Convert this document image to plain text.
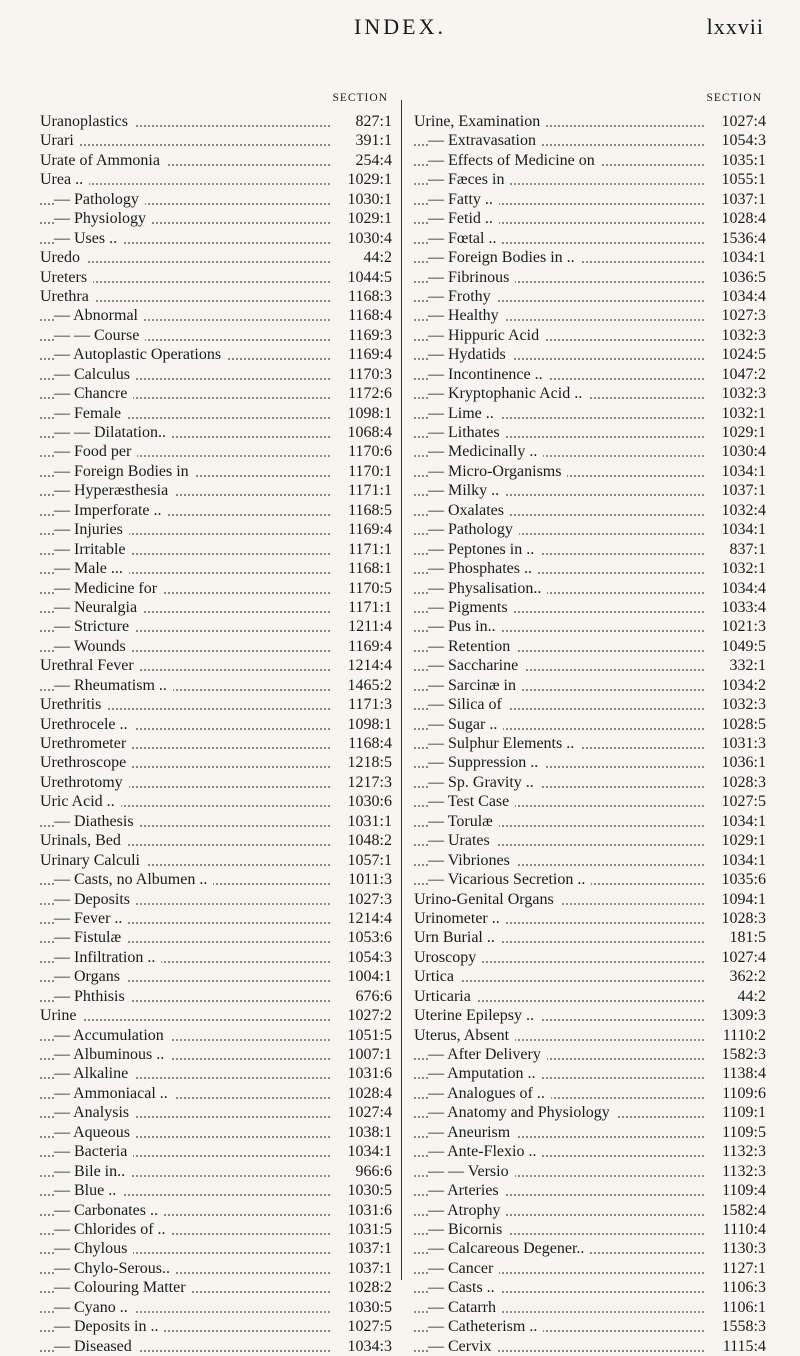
INDEX.	lxxvii
SECTION
Uranoplastics	827:1
Urari	391:1
Urate of Ammonia	254:4
Urea ..	1029:1
— Pathology	1030:1
— Physiology	1029:1
— Uses ..	1030:4
Uredo	44:2
Ureters	1044:5
Urethra	1168:3
— Abnormal	1168:4
— — Course	1169:3
— Autoplastic Operations	1169:4
— Calculus	1170:3
— Chancre	1172:6
— Female	1098:1
— — Dilatation..	1068:4
— Food per	1170:6
— Foreign Bodies in	1170:1
— Hyperæsthesia	1171:1
— Imperforate ..	1168:5
— Injuries	1169:4
— Irritable	1171:1
— Male ...	1168:1
— Medicine for	1170:5
— Neuralgia	1171:1
— Stricture	1211:4
— Wounds	1169:4
Urethral Fever	1214:4
— Rheumatism ..	1465:2
Urethritis	1171:3
Urethrocele ..	1098:1
Urethrometer	1168:4
Urethroscope	1218:5
Urethrotomy	1217:3
Uric Acid ..	1030:6
— Diathesis	1031:1
Urinals, Bed	1048:2
Urinary Calculi	1057:1
— Casts, no Albumen ..	1011:3
— Deposits	1027:3
— Fever ..	1214:4
— Fistulæ	1053:6
— Infiltration ..	1054:3
— Organs	1004:1
— Phthisis	676:6
Urine	1027:2
— Accumulation	1051:5
— Albuminous ..	1007:1
— Alkaline	1031:6
— Ammoniacal ..	1028:4
— Analysis	1027:4
— Aqueous	1038:1
— Bacteria	1034:1
— Bile in..	966:6
— Blue ..	1030:5
— Carbonates ..	1031:6
— Chlorides of ..	1031:5
— Chylous	1037:1
— Chylo-Serous..	1037:1
— Colouring Matter	1028:2
— Cyano ..	1030:5
— Deposits in ..	1027:5
— Diseased	1034:3
SECTION
Urine, Examination	1027:4
— Extravasation	1054:3
— Effects of Medicine on	1035:1
— Fæces in	1055:1
— Fatty ..	1037:1
— Fetid ..	1028:4
— Fœtal ..	1536:4
— Foreign Bodies in ..	1034:1
— Fibrinous	1036:5
— Frothy	1034:4
— Healthy	1027:3
— Hippuric Acid	1032:3
— Hydatids	1024:5
— Incontinence ..	1047:2
— Kryptophanic Acid ..	1032:3
— Lime ..	1032:1
— Lithates	1029:1
— Medicinally ..	1030:4
— Micro-Organisms	1034:1
— Milky ..	1037:1
— Oxalates	1032:4
— Pathology	1034:1
— Peptones in ..	837:1
— Phosphates ..	1032:1
— Physalisation..	1034:4
— Pigments	1033:4
— Pus in..	1021:3
— Retention	1049:5
— Saccharine	332:1
— Sarcinæ in	1034:2
— Silica of	1032:3
— Sugar ..	1028:5
— Sulphur Elements ..	1031:3
— Suppression ..	1036:1
— Sp. Gravity ..	1028:3
— Test Case	1027:5
— Torulæ	1034:1
— Urates	1029:1
— Vibriones	1034:1
— Vicarious Secretion ..	1035:6
Urino-Genital Organs	1094:1
Urinometer ..	1028:3
Urn Burial ..	181:5
Uroscopy	1027:4
Urtica	362:2
Urticaria	44:2
Uterine Epilepsy ..	1309:3
Uterus, Absent	1110:2
— After Delivery	1582:3
— Amputation ..	1138:4
— Analogues of ..	1109:6
— Anatomy and Physiology	1109:1
— Aneurism	1109:5
— Ante-Flexio ..	1132:3
— — Versio	1132:3
— Arteries	1109:4
— Atrophy	1582:4
— Bicornis	1110:4
— Calcareous Degener..	1130:3
— Cancer	1127:1
— Casts ..	1106:3
— Catarrh	1106:1
— Catheterism ..	1558:3
— Cervix	1115:4
